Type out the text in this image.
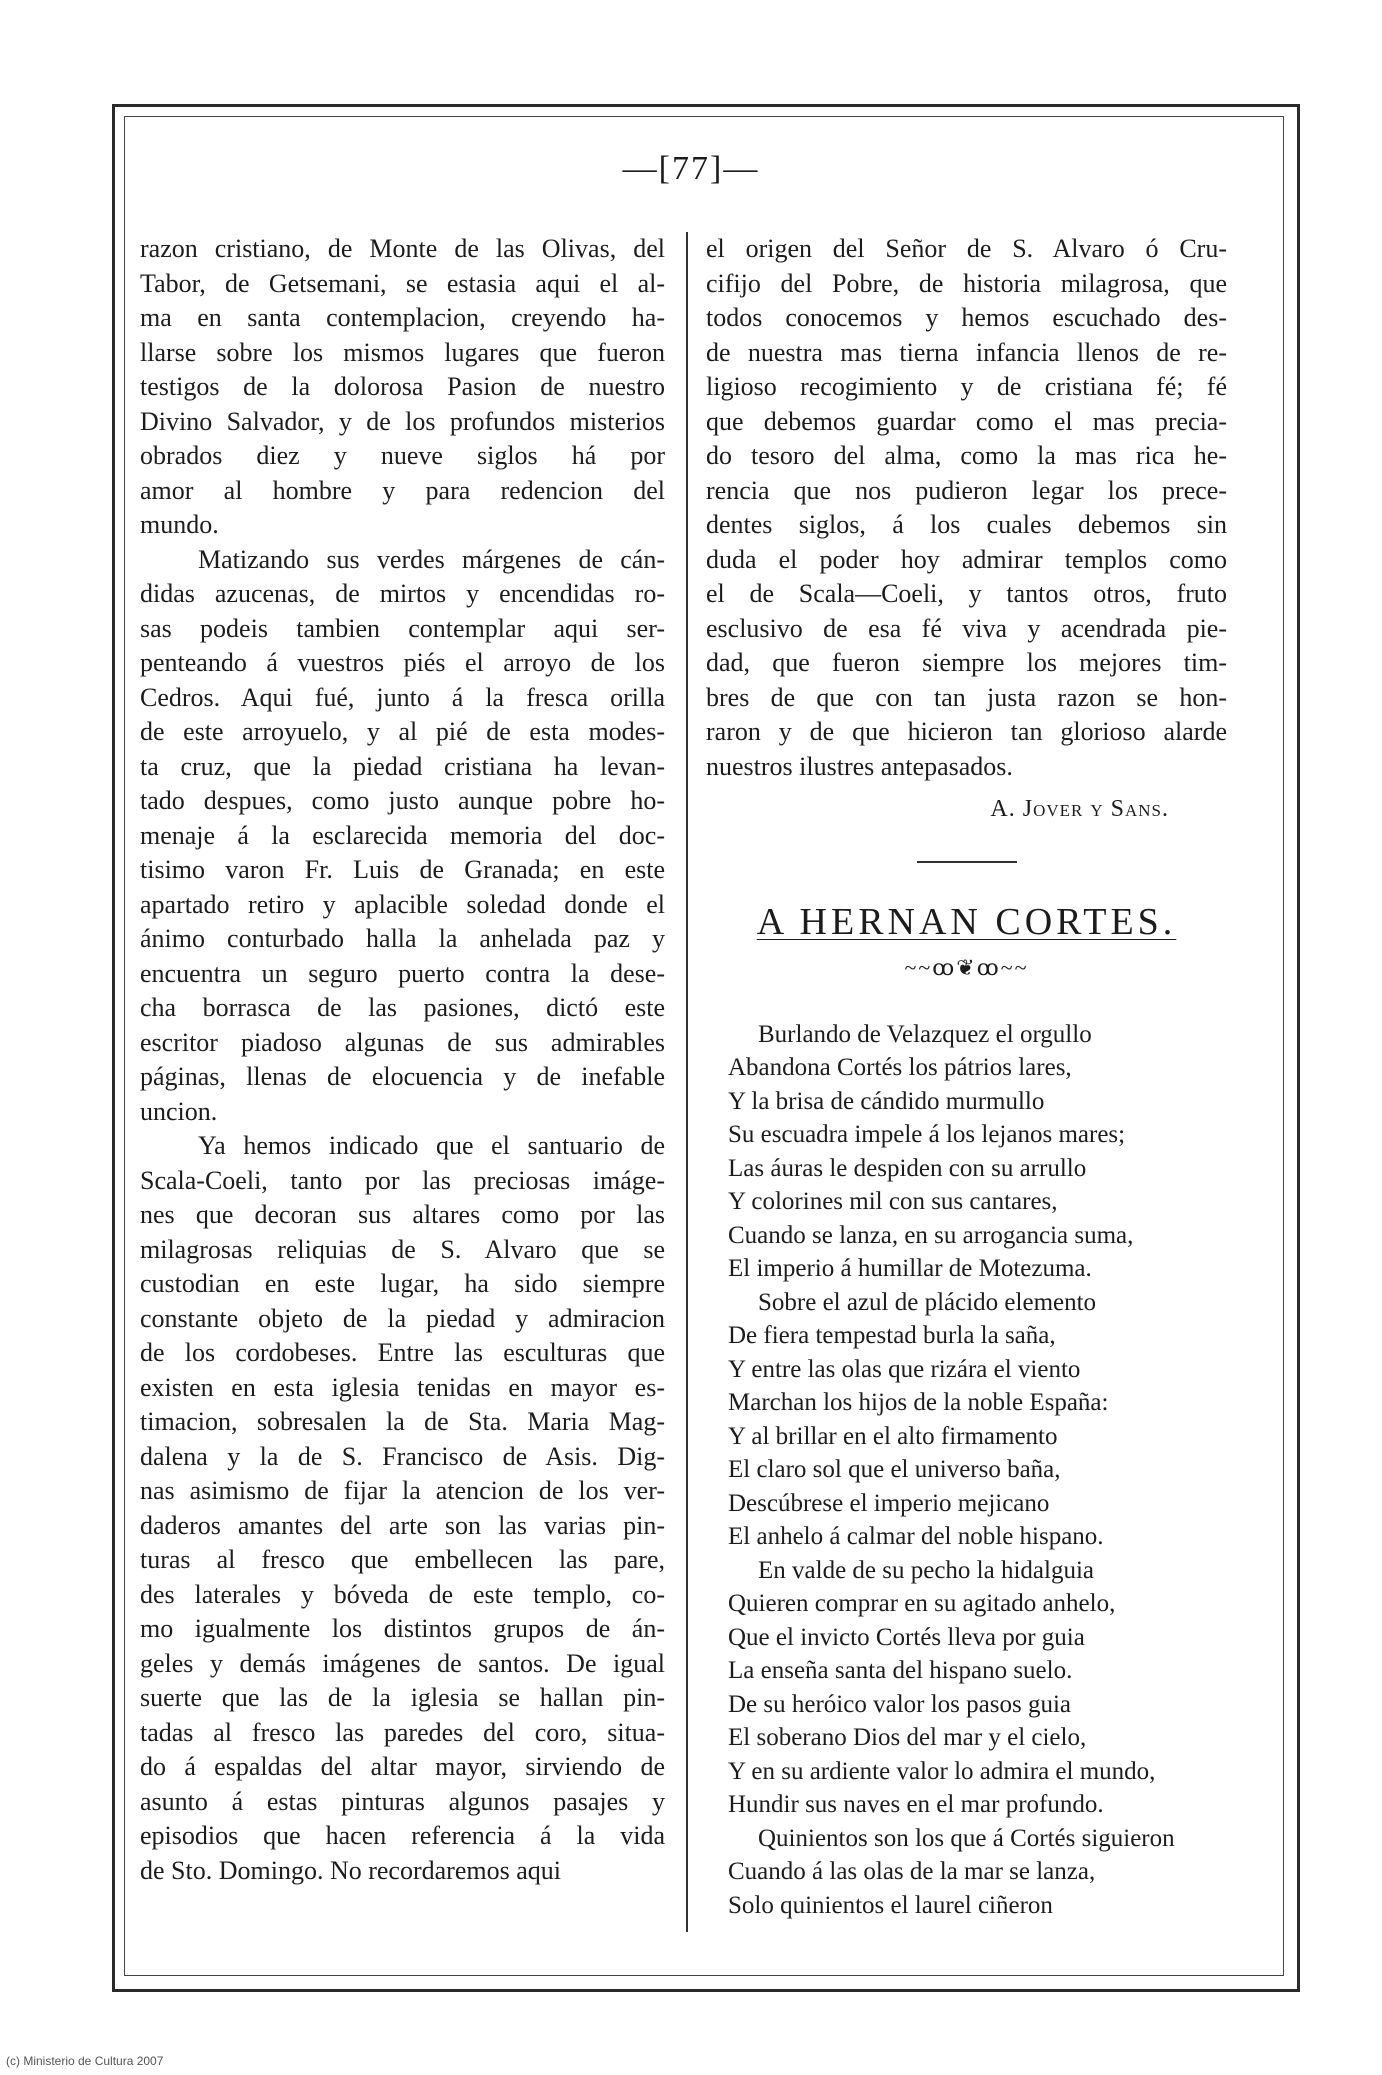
—[77]—
razon cristiano, de Monte de las Olivas, del
Tabor, de Getsemani, se estasia aqui el al-
ma en santa contemplacion, creyendo ha-
llarse sobre los mismos lugares que fueron
testigos de la dolorosa Pasion de nuestro
Divino Salvador, y de los profundos misterios obrados diez y nueve siglos há por
amor al hombre y para redencion del
mundo.
Matizando sus verdes márgenes de cán-
didas azucenas, de mirtos y encendidas ro-
sas podeis tambien contemplar aqui ser-
penteando á vuestros piés el arroyo de los
Cedros. Aqui fué, junto á la fresca orilla
de este arroyuelo, y al pié de esta modes-
ta cruz, que la piedad cristiana ha levan-
tado despues, como justo aunque pobre ho-
menaje á la esclarecida memoria del doc-
tisimo varon Fr. Luis de Granada; en este
apartado retiro y aplacible soledad donde el
ánimo conturbado halla la anhelada paz y
encuentra un seguro puerto contra la dese-
cha borrasca de las pasiones, dictó este
escritor piadoso algunas de sus admirables
páginas, llenas de elocuencia y de inefable
uncion.
Ya hemos indicado que el santuario de
Scala-Coeli, tanto por las preciosas imáge-
nes que decoran sus altares como por las
milagrosas reliquias de S. Alvaro que se
custodian en este lugar, ha sido siempre
constante objeto de la piedad y admiracion
de los cordobeses. Entre las esculturas que
existen en esta iglesia tenidas en mayor es-
timacion, sobresalen la de Sta. Maria Mag-
dalena y la de S. Francisco de Asis. Dig-
nas asimismo de fijar la atencion de los ver-
daderos amantes del arte son las varias pin-
turas al fresco que embellecen las pare,
des laterales y bóveda de este templo, co-
mo igualmente los distintos grupos de án-
geles y demás imágenes de santos. De igual
suerte que las de la iglesia se hallan pin-
tadas al fresco las paredes del coro, situa-
do á espaldas del altar mayor, sirviendo de
asunto á estas pinturas algunos pasajes y
episodios que hacen referencia á la vida
de Sto. Domingo. No recordaremos aqui
el origen del Señor de S. Alvaro ó Cru-
cifijo del Pobre, de historia milagrosa, que
todos conocemos y hemos escuchado des-
de nuestra mas tierna infancia llenos de re-
ligioso recogimiento y de cristiana fé; fé
que debemos guardar como el mas precia-
do tesoro del alma, como la mas rica he-
rencia que nos pudieron legar los prece-
dentes siglos, á los cuales debemos sin
duda el poder hoy admirar templos como
el de Scala—Coeli, y tantos otros, fruto
esclusivo de esa fé viva y acendrada pie-
dad, que fueron siempre los mejores tim-
bres de que con tan justa razon se hon-
raron y de que hicieron tan glorioso alarde
nuestros ilustres antepasados.
A. Jover y Sans.
A HERNAN CORTES.
~~ꝏ❦ꝏ~~
Burlando de Velazquez el orgullo
Abandona Cortés los pátrios lares,
Y la brisa de cándido murmullo
Su escuadra impele á los lejanos mares;
Las áuras le despiden con su arrullo
Y colorines mil con sus cantares,
Cuando se lanza, en su arrogancia suma,
El imperio á humillar de Motezuma.
Sobre el azul de plácido elemento
De fiera tempestad burla la saña,
Y entre las olas que rizára el viento
Marchan los hijos de la noble España:
Y al brillar en el alto firmamento
El claro sol que el universo baña,
Descúbrese el imperio mejicano
El anhelo á calmar del noble hispano.
En valde de su pecho la hidalguia
Quieren comprar en su agitado anhelo,
Que el invicto Cortés lleva por guia
La enseña santa del hispano suelo.
De su heróico valor los pasos guia
El soberano Dios del mar y el cielo,
Y en su ardiente valor lo admira el mundo,
Hundir sus naves en el mar profundo.
Quinientos son los que á Cortés siguieron
Cuando á las olas de la mar se lanza,
Solo quinientos el laurel ciñeron
(c) Ministerio de Cultura 2007
